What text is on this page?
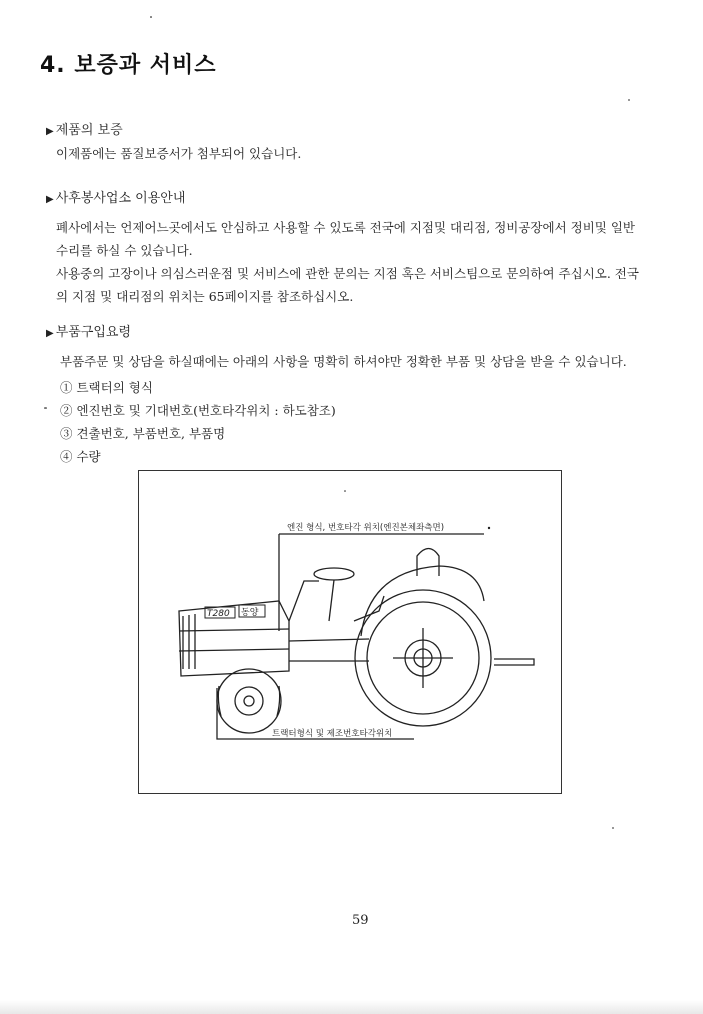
4. 보증과 서비스
▶ 제품의 보증

이제품에는 품질보증서가 첨부되어 있습니다.

▶ 사후봉사업소 이용안내

폐사에서는 언제어느곳에서도 안심하고 사용할 수 있도록 전국에 지점및 대리점, 정비공장에서 정비및 일반수리를 하실 수 있습니다.

사용중의 고장이나 의심스러운점 및 서비스에 관한 문의는 지점 혹은 서비스팀으로 문의하여 주십시오. 전국의 지점 및 대리점의 위치는 65페이지를 참조하십시오.

▶ 부품구입요령

부품주문 및 상담을 하실때에는 아래의 사항을 명확히 하셔야만 정확한 부품 및 상담을 받을 수 있습니다.

① 트랙터의 형식
② 엔진번호 및 기대번호(번호타각위치 : 하도참조)
③ 견출번호, 부품번호, 부품명
④ 수량
T280 동양
엔진 형식, 번호타각 위치(엔진본체좌측면)
트랙터형식 및 제조번호타각위치
59
